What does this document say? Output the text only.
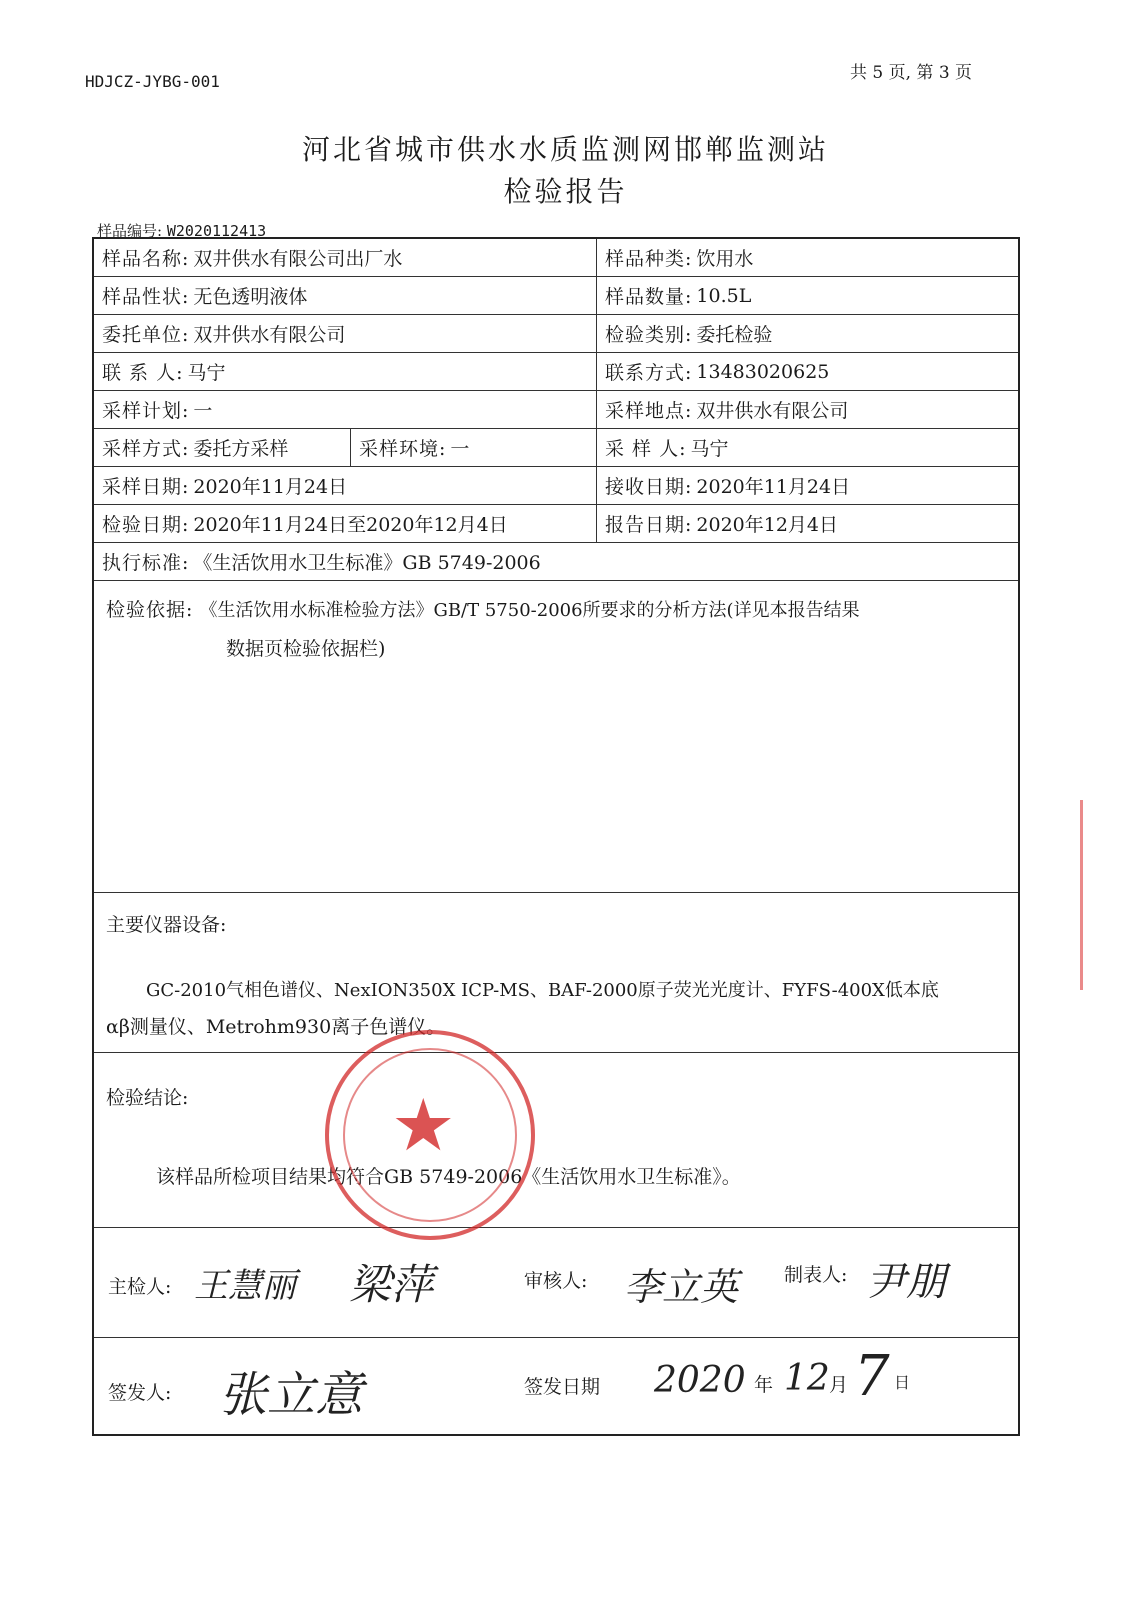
HDJCZ-JYBG-001	共 5 页, 第 3 页
河北省城市供水水质监测网邯郸监测站
检验报告
样品编号: W2020112413
样品名称: 双井供水有限公司出厂水	样品种类: 饮用水
样品性状: 无色透明液体	样品数量: 10.5L
委托单位: 双井供水有限公司	检验类别: 委托检验
联 系 人: 马宁	联系方式: 13483020625
采样计划: 一	采样地点: 双井供水有限公司
采样方式: 委托方采样	采样环境: 一	采 样 人: 马宁
采样日期: 2020年11月24日	接收日期: 2020年11月24日
检验日期: 2020年11月24日至2020年12月4日	报告日期: 2020年12月4日
执行标准: 《生活饮用水卫生标准》GB 5749-2006
检验依据: 《生活饮用水标准检验方法》GB/T 5750-2006所要求的分析方法(详见本报告结果
数据页检验依据栏)

主要仪器设备:

GC-2010气相色谱仪、NexION350X ICP-MS、BAF-2000原子荧光光度计、FYFS-400X低本底

αβ测量仪、Metrohm930离子色谱仪。

检验结论:

该样品所检项目结果均符合GB 5749-2006《生活饮用水卫生标准》。

主检人: 王慧丽 梁萍	审核人: 李立英 制表人: 尹朋
签发人: 张立意	签发日期 2020 年 12 月 7 日
★
